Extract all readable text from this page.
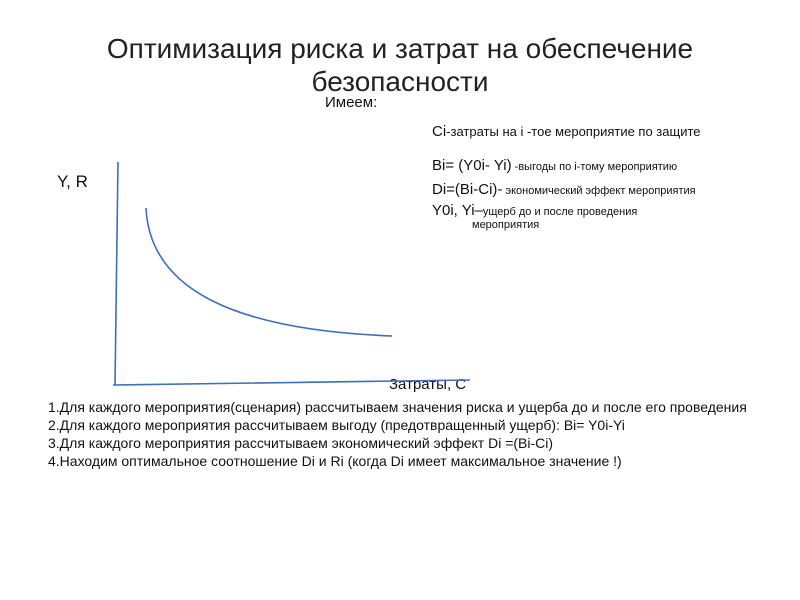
Оптимизация риска и затрат на обеспечение
безопасности
Имеем:
Ci-затраты на i -тое мероприятие по защите
Bi= (Y0i- Yi) -выгоды по i-тому мероприятию
Di=(Bi-Ci)- экономический эффект мероприятия
Y0i, Yi–ущерб до и после проведения
мероприятия
Y, R
Затраты, C
1.Для каждого мероприятия(сценария) рассчитываем значения риска и ущерба до и после его проведения
2.Для каждого мероприятия рассчитываем выгоду (предотвращенный ущерб): Bi= Y0i-Yi
3.Для каждого мероприятия рассчитываем экономический эффект Di =(Bi-Ci)
4.Находим оптимальное соотношение Di и Ri (когда Di имеет максимальное значение !)
